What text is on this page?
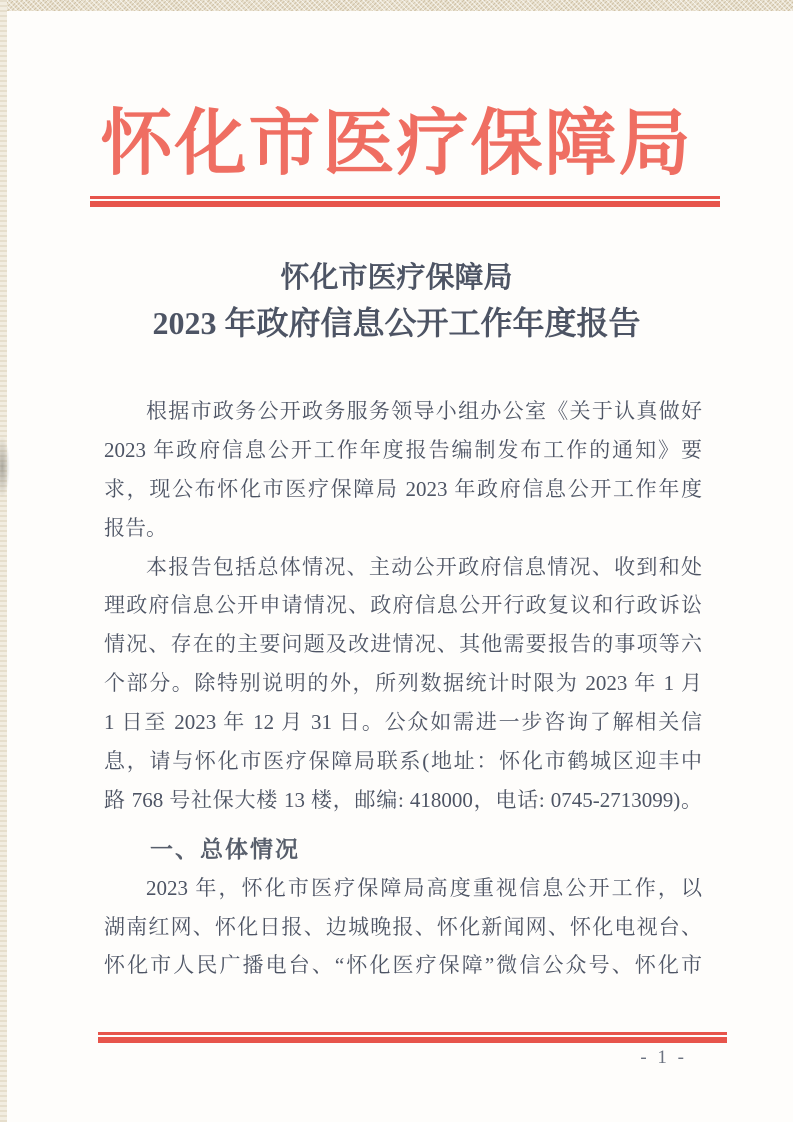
怀化市医疗保障局
怀化市医疗保障局
2023 年政府信息公开工作年度报告
根据市政务公开政务服务领导小组办公室《关于认真做好
2023 年政府信息公开工作年度报告编制发布工作的通知》要
求，现公布怀化市医疗保障局 2023 年政府信息公开工作年度
报告。
本报告包括总体情况、主动公开政府信息情况、收到和处
理政府信息公开申请情况、政府信息公开行政复议和行政诉讼
情况、存在的主要问题及改进情况、其他需要报告的事项等六
个部分。除特别说明的外，所列数据统计时限为 2023 年 1 月
1 日至 2023 年 12 月 31 日。公众如需进一步咨询了解相关信
息，请与怀化市医疗保障局联系(地址：怀化市鹤城区迎丰中
路 768 号社保大楼 13 楼，邮编: 418000，电话: 0745-2713099)。
一、总体情况
2023 年，怀化市医疗保障局高度重视信息公开工作，以
湖南红网、怀化日报、边城晚报、怀化新闻网、怀化电视台、
怀化市人民广播电台、“怀化医疗保障”微信公众号、怀化市
- 1 -
